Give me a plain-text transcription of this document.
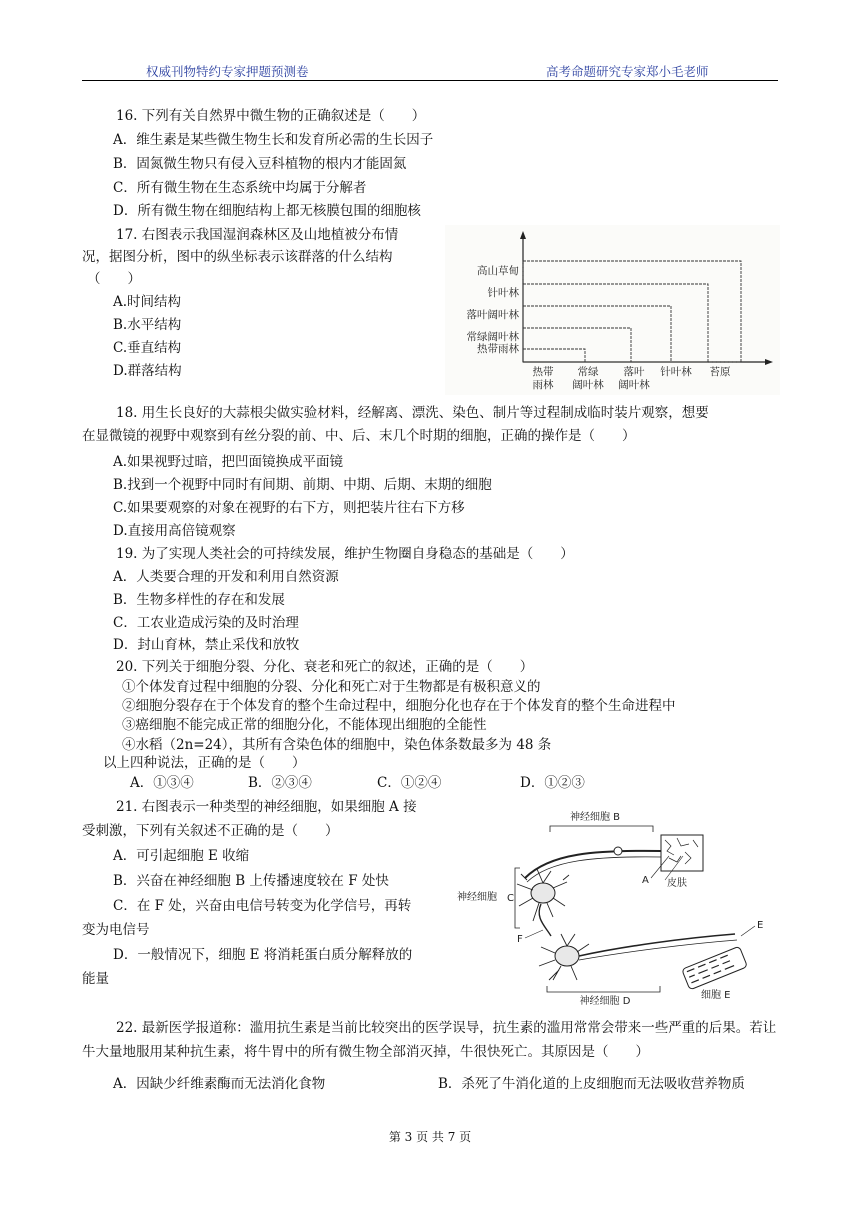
权威刊物特约专家押题预测卷	高考命题研究专家郑小毛老师
16. 下列有关自然界中微生物的正确叙述是（　　）
A．维生素是某些微生物生长和发育所必需的生长因子
B．固氮微生物只有侵入豆科植物的根内才能固氮
C．所有微生物在生态系统中均属于分解者
D．所有微生物在细胞结构上都无核膜包围的细胞核
17. 右图表示我国湿润森林区及山地植被分布情
况，据图分析，图中的纵坐标表示该群落的什么结构
（　　）
A.时间结构
B.水平结构
C.垂直结构
D.群落结构
高山草甸
针叶林
落叶阔叶林
常绿阔叶林
热带雨林
热带
雨林
常绿
阔叶林
落叶
阔叶林
针叶林 苔原
18. 用生长良好的大蒜根尖做实验材料，经解离、漂洗、染色、制片等过程制成临时装片观察，想要
在显微镜的视野中观察到有丝分裂的前、中、后、末几个时期的细胞，正确的操作是（　　）
A.如果视野过暗，把凹面镜换成平面镜
B.找到一个视野中同时有间期、前期、中期、后期、末期的细胞
C.如果要观察的对象在视野的右下方，则把装片往右下方移
D.直接用高倍镜观察
19. 为了实现人类社会的可持续发展，维护生物圈自身稳态的基础是（　　）
A．人类要合理的开发和利用自然资源
B．生物多样性的存在和发展
C．工农业造成污染的及时治理
D．封山育林，禁止采伐和放牧
20. 下列关于细胞分裂、分化、衰老和死亡的叙述，正确的是（　　）
①个体发育过程中细胞的分裂、分化和死亡对于生物都是有极积意义的
②细胞分裂存在于个体发育的整个生命过程中，细胞分化也存在于个体发育的整个生命进程中
③癌细胞不能完成正常的细胞分化，不能体现出细胞的全能性
④水稻（2n=24），其所有含染色体的细胞中，染色体条数最多为 48 条
以上四种说法，正确的是（　　）
A．①③④	B．②③④	C．①②④	D．①②③
21. 右图表示一种类型的神经细胞，如果细胞 A 接
受刺激，下列有关叙述不正确的是（　　）
A．可引起细胞 E 收缩
B．兴奋在神经细胞 B 上传播速度较在 F 处快
C．在 F 处，兴奋由电信号转变为化学信号，再转
变为电信号
D．一般情况下，细胞 E 将消耗蛋白质分解释放的
能量
神经细胞 B
皮肤
A
神经细胞 C
F
E
神经细胞 D
细胞 E
22. 最新医学报道称：滥用抗生素是当前比较突出的医学误导，抗生素的滥用常常会带来一些严重的后果。若让牛大量地服用某种抗生素，将牛胃中的所有微生物全部消灭掉，牛很快死亡。其原因是（　　）
A．因缺少纤维素酶而无法消化食物	B．杀死了牛消化道的上皮细胞而无法吸收营养物质
第 3 页 共 7 页
